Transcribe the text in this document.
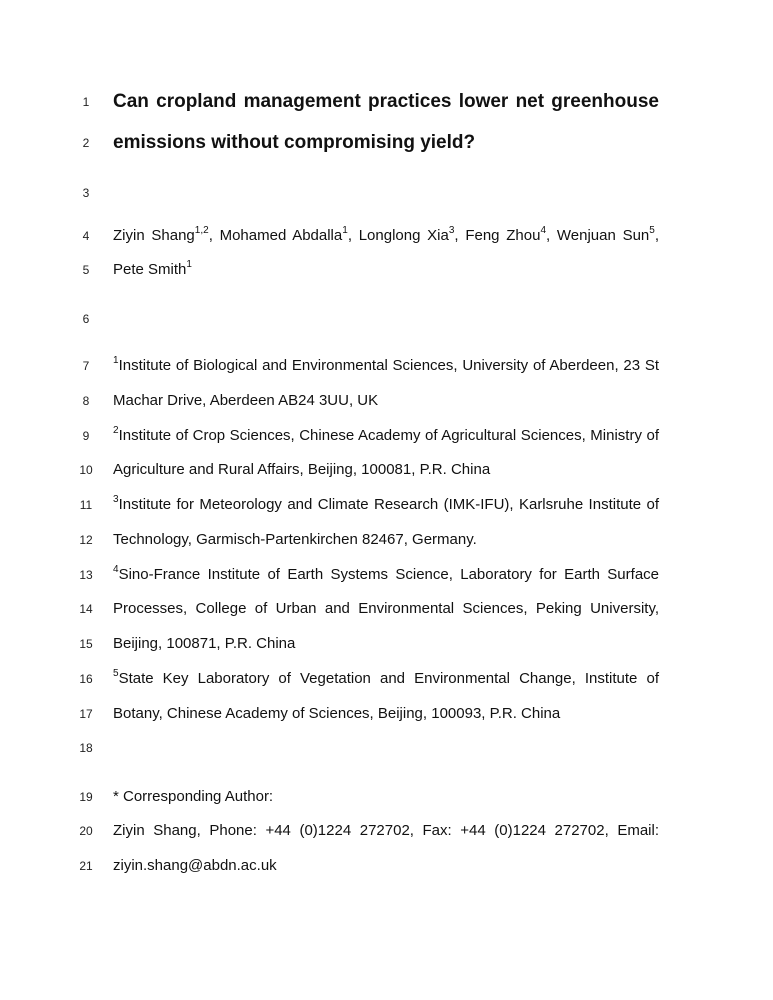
1	Can cropland management practices lower net greenhouse
2	emissions without compromising yield?
3
4	Ziyin Shang$^{1,2}$, Mohamed Abdalla$^1$, Longlong Xia$^3$, Feng Zhou$^4$, Wenjuan Sun$^5$,
5	Pete Smith$^1$
6
7	$^1$Institute of Biological and Environmental Sciences, University of Aberdeen, 23 St
8	Machar Drive, Aberdeen AB24 3UU, UK
9	$^2$Institute of Crop Sciences, Chinese Academy of Agricultural Sciences, Ministry of
10	Agriculture and Rural Affairs, Beijing, 100081, P.R. China
11	$^3$Institute for Meteorology and Climate Research (IMK-IFU), Karlsruhe Institute of
12	Technology, Garmisch-Partenkirchen 82467, Germany.
13	$^4$Sino-France Institute of Earth Systems Science, Laboratory for Earth Surface
14	Processes, College of Urban and Environmental Sciences, Peking University,
15	Beijing, 100871, P.R. China
16	$^5$State Key Laboratory of Vegetation and Environmental Change, Institute of
17	Botany, Chinese Academy of Sciences, Beijing, 100093, P.R. China
18
19	* Corresponding Author:
20	Ziyin Shang, Phone: +44 (0)1224 272702, Fax: +44 (0)1224 272702, Email:
21	ziyin.shang@abdn.ac.uk
